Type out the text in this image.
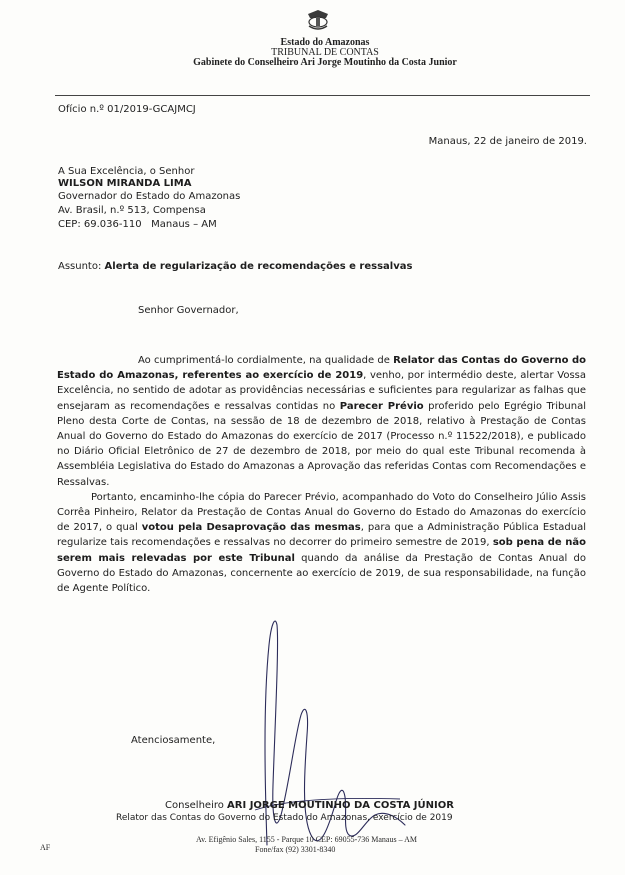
Estado do Amazonas
TRIBUNAL DE CONTAS
Gabinete do Conselheiro Ari Jorge Moutinho da Costa Junior
Ofício n.º 01/2019-GCAJMCJ
Manaus, 22 de janeiro de 2019.
A Sua Excelência, o Senhor
WILSON MIRANDA LIMA
Governador do Estado do Amazonas
Av. Brasil, n.º 513, Compensa
CEP: 69.036-110 Manaus – AM
Assunto: Alerta de regularização de recomendações e ressalvas
Senhor Governador,

Ao cumprimentá-lo cordialmente, na qualidade de Relator das Contas do Governo do Estado do Amazonas, referentes ao exercício de 2019, venho, por intermédio deste, alertar Vossa Excelência, no sentido de adotar as providências necessárias e suficientes para regularizar as falhas que ensejaram as recomendações e ressalvas contidas no Parecer Prévio proferido pelo Egrégio Tribunal Pleno desta Corte de Contas, na sessão de 18 de dezembro de 2018, relativo à Prestação de Contas Anual do Governo do Estado do Amazonas do exercício de 2017 (Processo n.º 11522/2018), e publicado no Diário Oficial Eletrônico de 27 de dezembro de 2018, por meio do qual este Tribunal recomenda à Assembléia Legislativa do Estado do Amazonas a Aprovação das referidas Contas com Recomendações e Ressalvas.

Portanto, encaminho-lhe cópia do Parecer Prévio, acompanhado do Voto do Conselheiro Júlio Assis Corrêa Pinheiro, Relator da Prestação de Contas Anual do Governo do Estado do Amazonas do exercício de 2017, o qual votou pela Desaprovação das mesmas, para que a Administração Pública Estadual regularize tais recomendações e ressalvas no decorrer do primeiro semestre de 2019, sob pena de não serem mais relevadas por este Tribunal quando da análise da Prestação de Contas Anual do Governo do Estado do Amazonas, concernente ao exercício de 2019, de sua responsabilidade, na função de Agente Político.

Atenciosamente,
Conselheiro ARI JORGE MOUTINHO DA COSTA JÚNIOR
Relator das Contas do Governo do Estado do Amazonas, exercício de 2019
AF
Av. Efigênio Sales, 1155 - Parque 10 CEP: 69055-736 Manaus – AM
Fone/fax (92) 3301-8340
